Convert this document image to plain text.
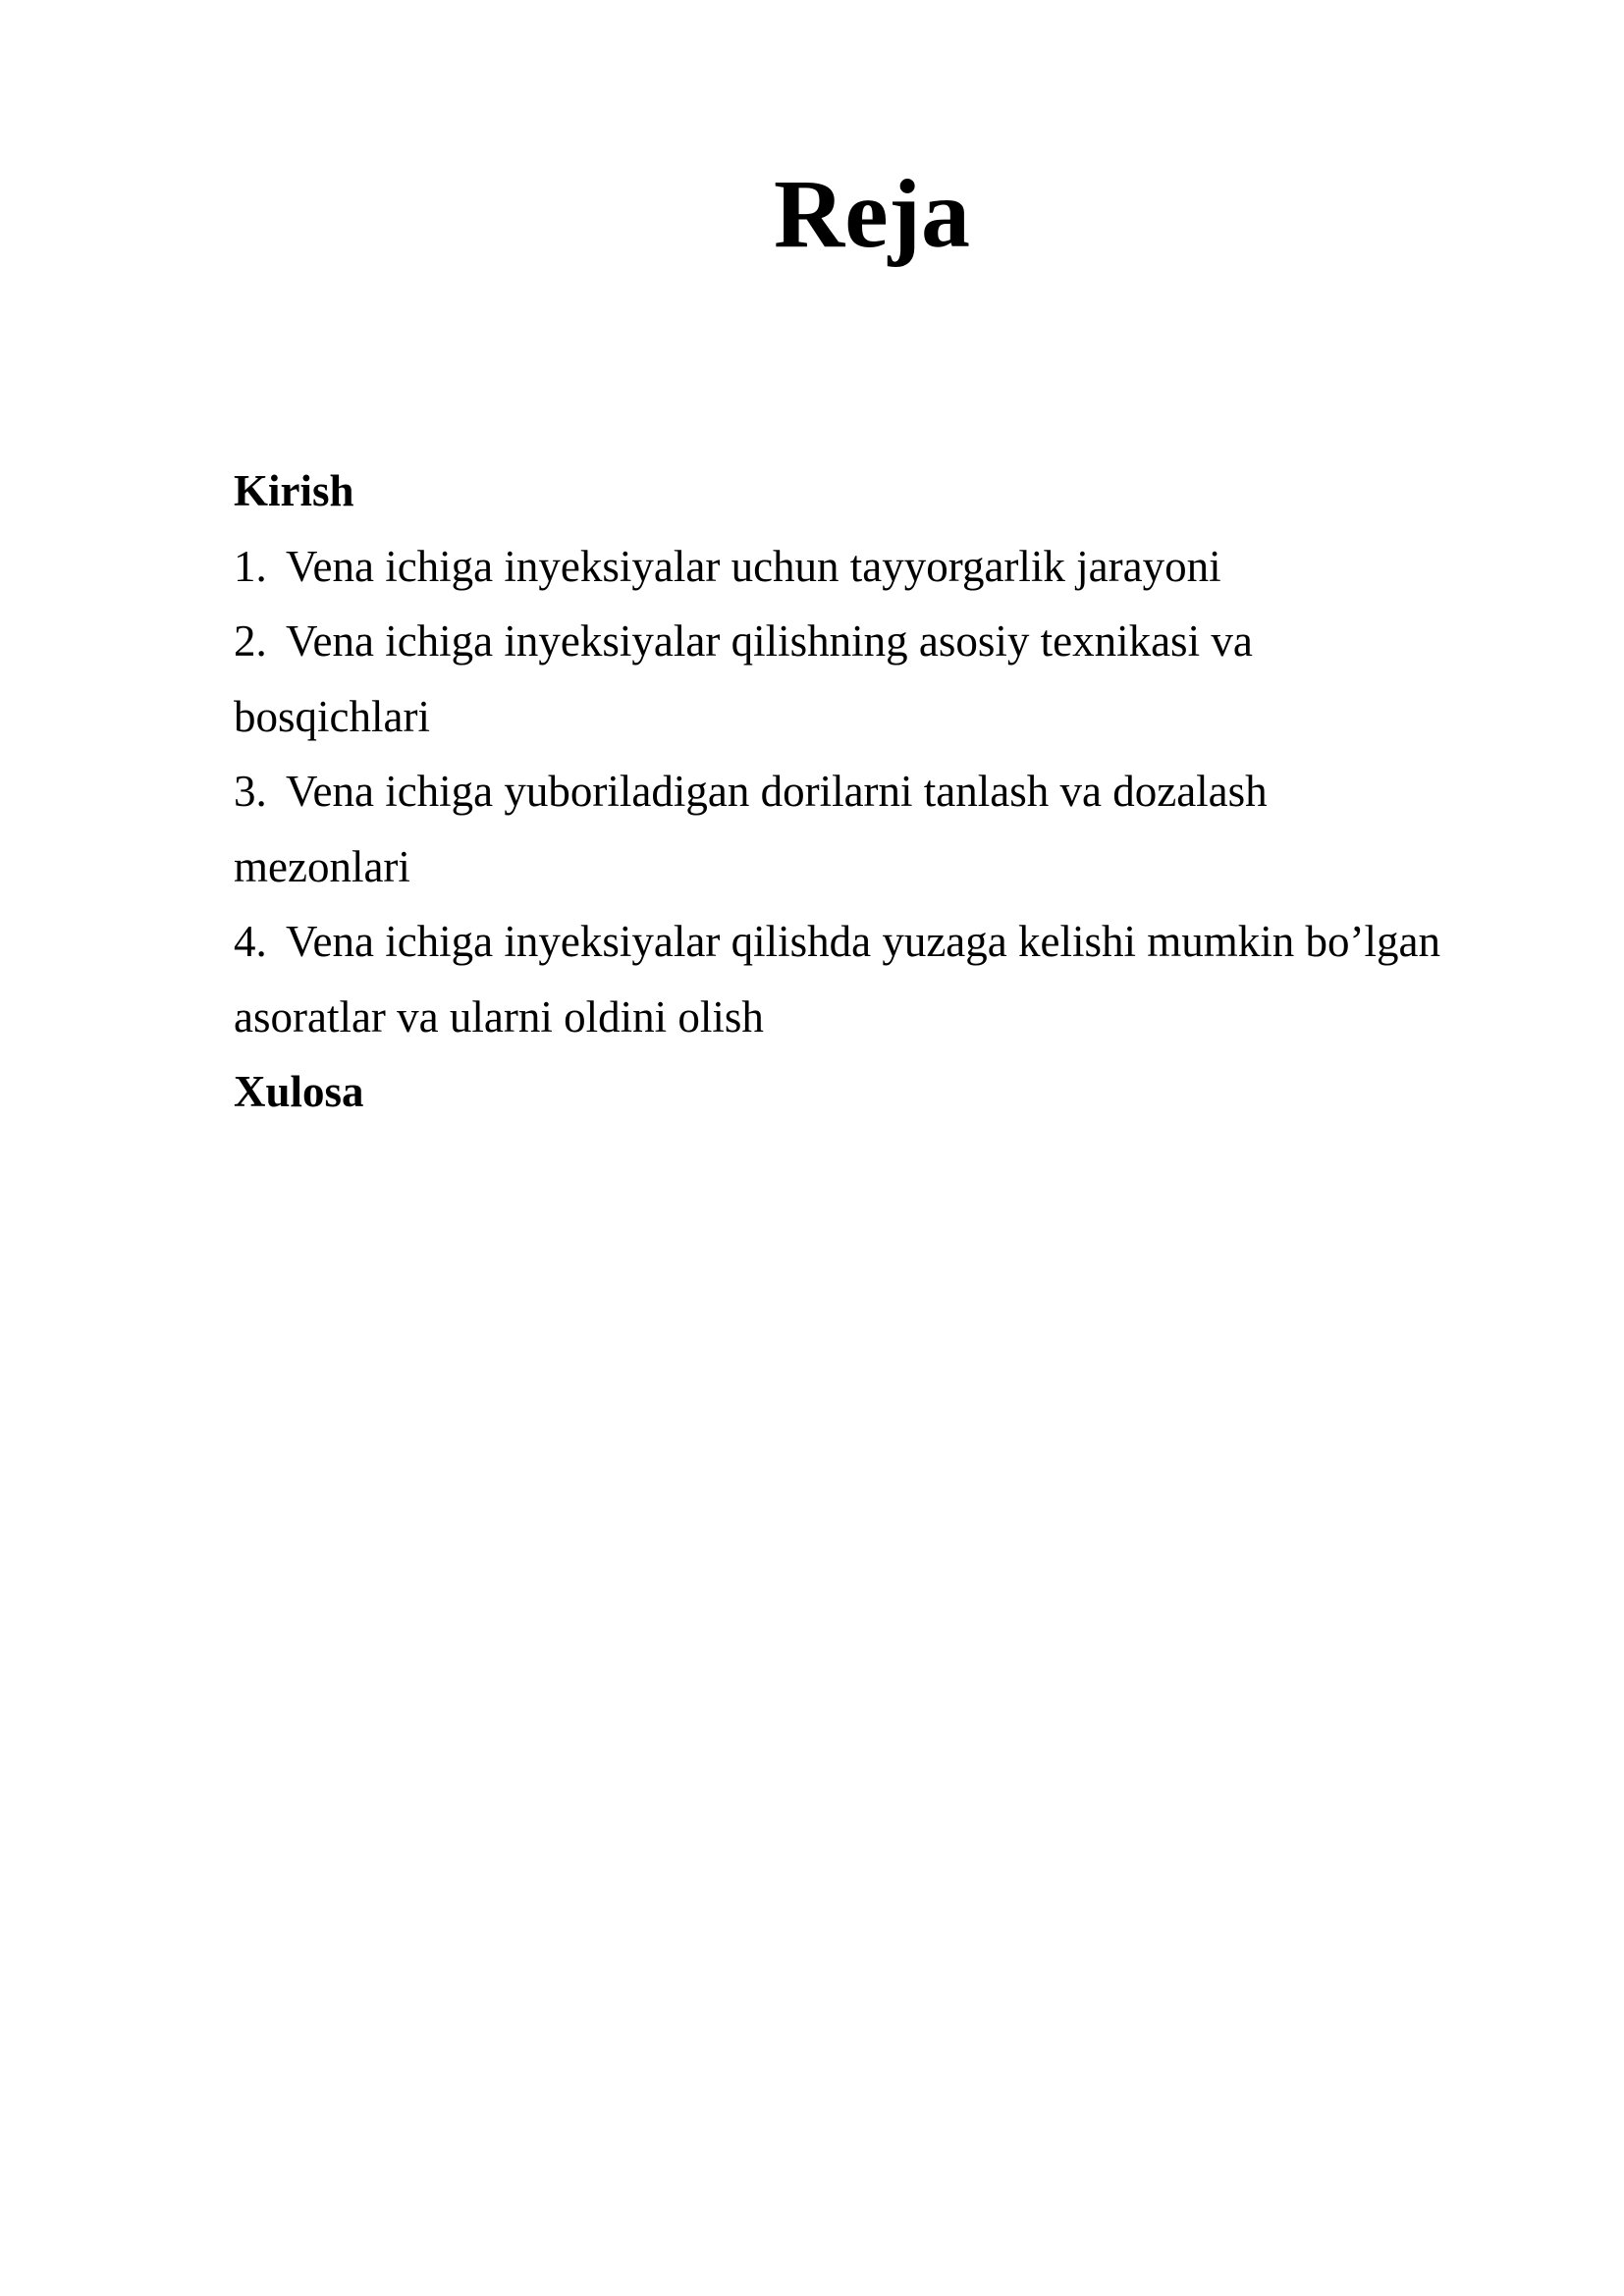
Reja

Kirish

1. Vena ichiga inyeksiyalar uchun tayyorgarlik jarayoni

2. Vena ichiga inyeksiyalar qilishning asosiy texnikasi va

bosqichlari

3. Vena ichiga yuboriladigan dorilarni tanlash va dozalash

mezonlari

4. Vena ichiga inyeksiyalar qilishda yuzaga kelishi mumkin bo’lgan

asoratlar va ularni oldini olish

Xulosa
